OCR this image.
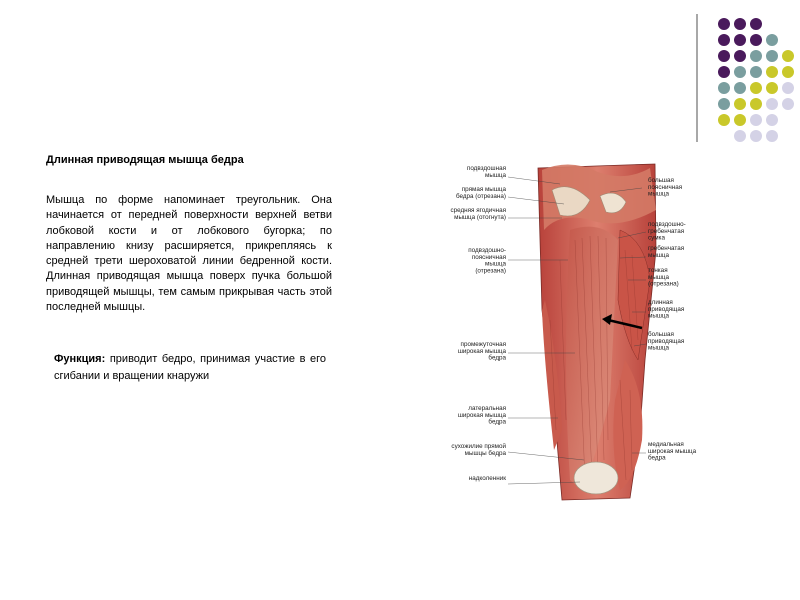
Длинная приводящая мышца бедра

Мышца по форме напоминает треугольник. Она начинается от передней поверхности верхней ветви лобковой кости и от лобкового бугорка; по направлению книзу расширяется, прикрепляясь к средней трети шероховатой линии бедренной кости. Длинная приводящая мышца поверх пучка большой приводящей мышцы, тем самым прикрывая часть этой последней мышцы.

Функция: приводит бедро, принимая участие в его сгибании и вращении кнаружи

подвздошная мышца
прямая мышца бедра (отрезана)
средняя ягодичная мышца (отогнута)
подвздошно-поясничная мышца (отрезана)
промежуточная широкая мышца бедра
латеральная широкая мышца бедра
сухожилие прямой мышцы бедра
надколенник
большая поясничная мышца
подвздошно-гребенчатая сумка
гребенчатая мышца
тонкая мышца (отрезана)
длинная приводящая мышца
большая приводящая мышца
медиальная широкая мышца бедра
